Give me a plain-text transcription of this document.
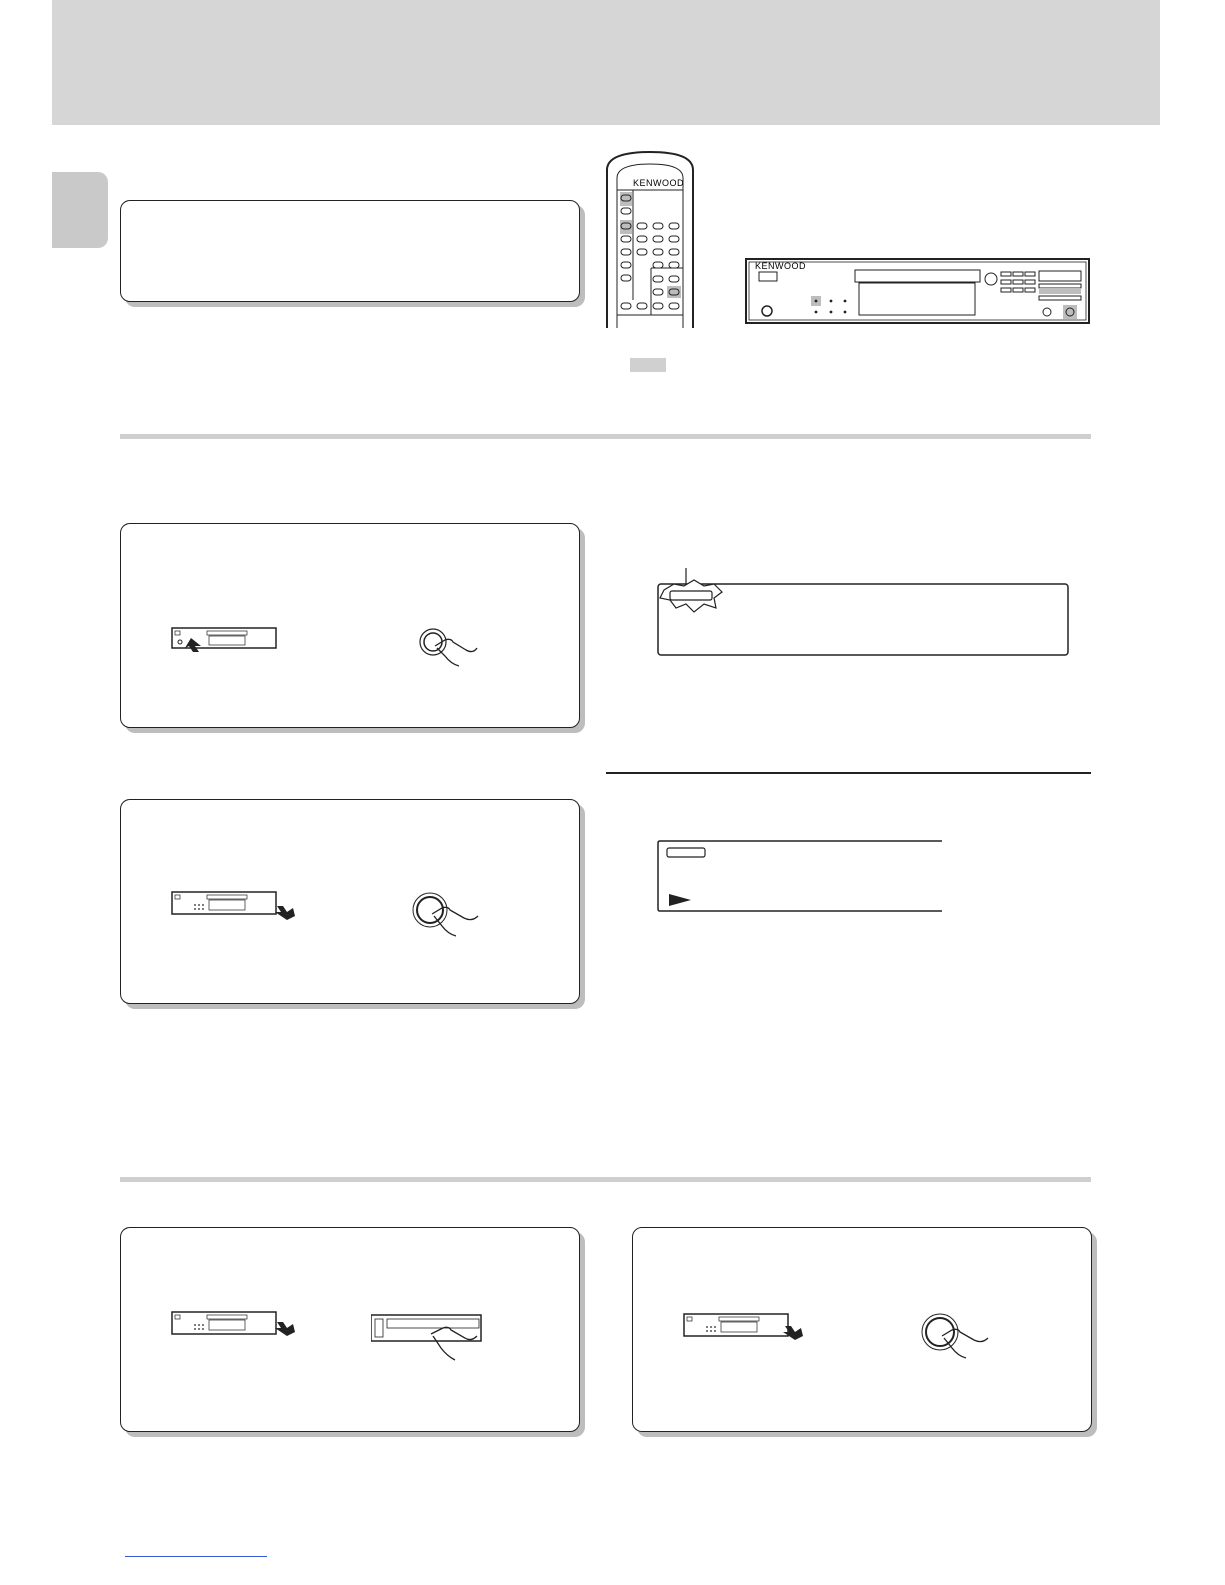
KENWOOD
KENWOOD
